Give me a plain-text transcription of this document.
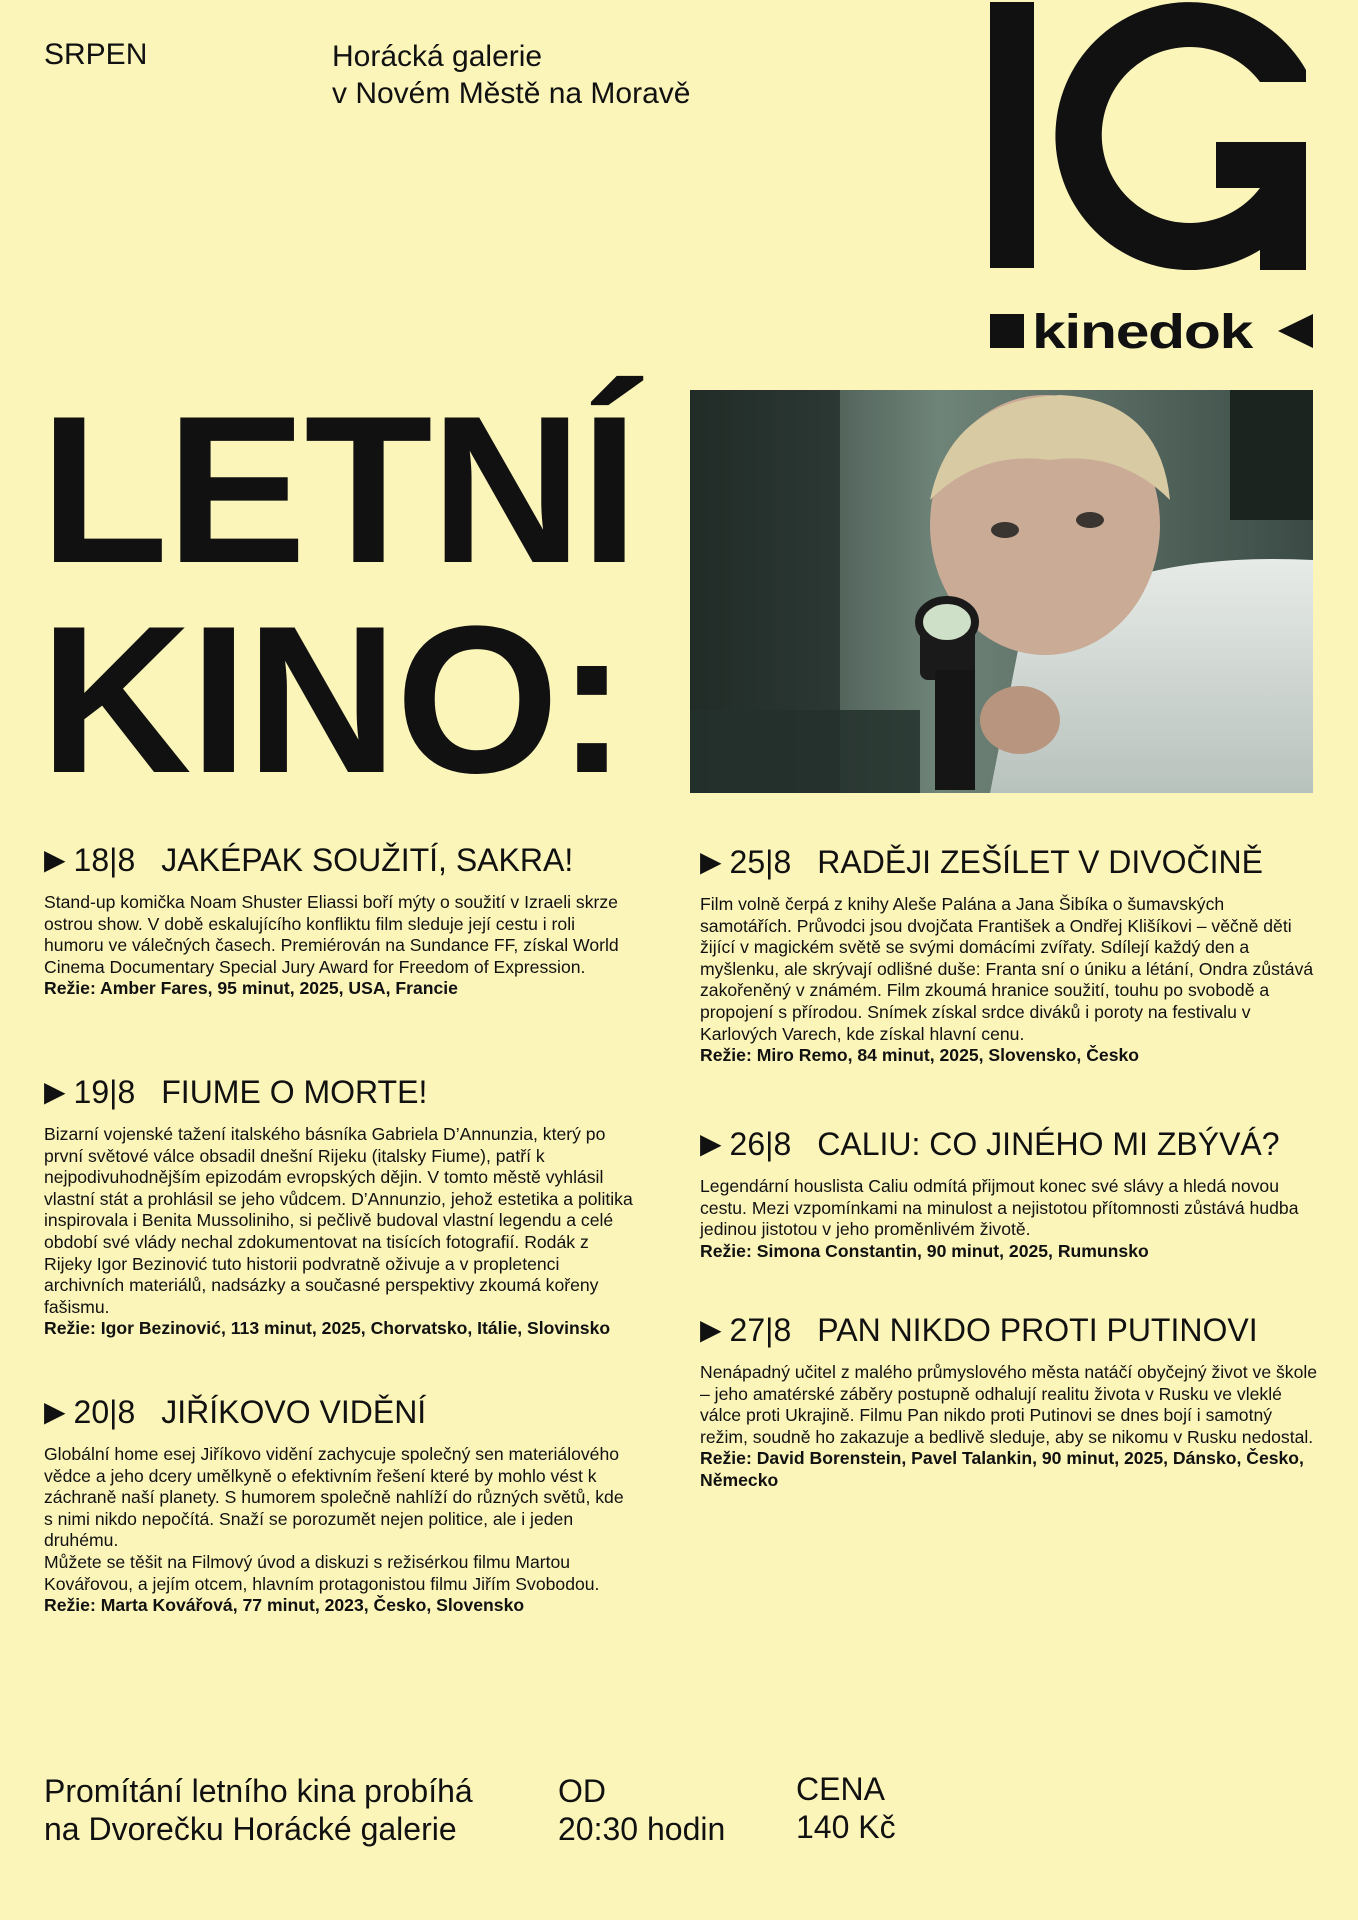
SRPEN	Horácká galerie
v Novém Městě na Moravě
kinedok
LETNÍ
KINO:
▶ 18|8 JAKÉPAK SOUŽITÍ, SAKRA!
Stand-up komička Noam Shuster Eliassi boří mýty o soužití v Izraeli skrze ostrou show. V době eskalujícího konfliktu film sleduje její cestu i roli humoru ve válečných časech. Premiérován na Sundance FF, získal World Cinema Documentary Special Jury Award for Freedom of Expression.
Režie: Amber Fares, 95 minut, 2025, USA, Francie
▶ 19|8 FIUME O MORTE!
Bizarní vojenské tažení italského básníka Gabriela D’Annunzia, který po první světové válce obsadil dnešní Rijeku (italsky Fiume), patří k nejpodivuhodnějším epizodám evropských dějin. V tomto městě vyhlásil vlastní stát a prohlásil se jeho vůdcem. D’Annunzio, jehož estetika a politika inspirovala i Benita Mussoliniho, si pečlivě budoval vlastní legendu a celé období své vlády nechal zdokumentovat na tisících fotografií. Rodák z Rijeky Igor Bezinović tuto historii podvratně oživuje a v propletenci archivních materiálů, nadsázky a současné perspektivy zkoumá kořeny fašismu.
Režie: Igor Bezinović, 113 minut, 2025, Chorvatsko, Itálie, Slovinsko
▶ 20|8 JIŘÍKOVO VIDĚNÍ
Globální home esej Jiříkovo vidění zachycuje společný sen materiálového vědce a jeho dcery umělkyně o efektivním řešení které by mohlo vést k záchraně naší planety. S humorem společně nahlíží do různých světů, kde s nimi nikdo nepočítá. Snaží se porozumět nejen politice, ale i jeden druhému.
Můžete se těšit na Filmový úvod a diskuzi s režisérkou filmu Martou Kovářovou, a jejím otcem, hlavním protagonistou filmu Jiřím Svobodou.
Režie: Marta Kovářová, 77 minut, 2023, Česko, Slovensko
▶ 25|8 RADĚJI ZEŠÍLET V DIVOČINĚ
Film volně čerpá z knihy Aleše Palána a Jana Šibíka o šumavských samotářích. Průvodci jsou dvojčata František a Ondřej Klišíkovi – věčně děti žijící v magickém světě se svými domácími zvířaty. Sdílejí každý den a myšlenku, ale skrývají odlišné duše: Franta sní o úniku a létání, Ondra zůstává zakořeněný v známém. Film zkoumá hranice soužití, touhu po svobodě a propojení s přírodou. Snímek získal srdce diváků i poroty na festivalu v Karlových Varech, kde získal hlavní cenu.
Režie: Miro Remo, 84 minut, 2025, Slovensko, Česko
▶ 26|8 CALIU: CO JINÉHO MI ZBÝVÁ?
Legendární houslista Caliu odmítá přijmout konec své slávy a hledá novou cestu. Mezi vzpomínkami na minulost a nejistotou přítomnosti zůstává hudba jedinou jistotou v jeho proměnlivém životě.
Režie: Simona Constantin, 90 minut, 2025, Rumunsko
▶ 27|8 PAN NIKDO PROTI PUTINOVI
Nenápadný učitel z malého průmyslového města natáčí obyčejný život ve škole – jeho amatérské záběry postupně odhalují realitu života v Rusku ve vleklé válce proti Ukrajině. Filmu Pan nikdo proti Putinovi se dnes bojí i samotný režim, soudně ho zakazuje a bedlivě sleduje, aby se nikomu v Rusku nedostal.
Režie: David Borenstein, Pavel Talankin, 90 minut, 2025, Dánsko, Česko, Německo
Promítání letního kina probíhá
na Dvorečku Horácké galerie
OD
20:30 hodin
CENA
140 Kč
